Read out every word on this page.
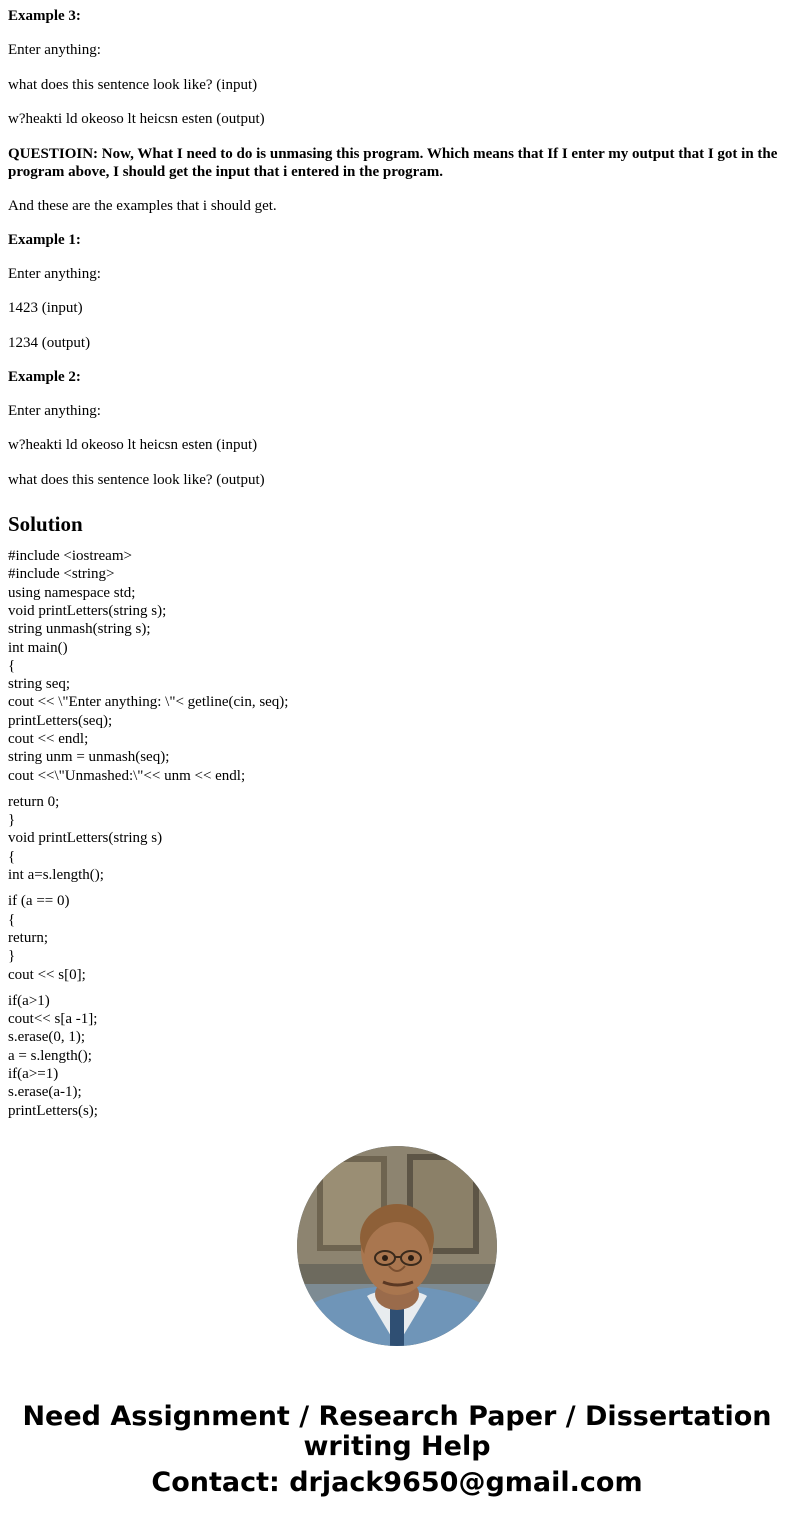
Example 3:
Enter anything:
what does this sentence look like? (input)
w?heakti ld okeoso lt heicsn esten (output)
QUESTIOIN: Now, What I need to do is unmasing this program. Which means that If I enter my output that I got in the program above, I should get the input that i entered in the program.
And these are the examples that i should get.
Example 1:
Enter anything:
1423 (input)
1234 (output)
Example 2:
Enter anything:
w?heakti ld okeoso lt heicsn esten (input)
what does this sentence look like? (output)
Solution
#include <iostream>
#include <string>
using namespace std;
void printLetters(string s);
string unmash(string s);
int main()
{
string seq;
cout << \"Enter anything: \"< getline(cin, seq);
printLetters(seq);
cout << endl;
string unm = unmash(seq);
cout <<\"Unmashed:\"<< unm << endl;
return 0;
}
void printLetters(string s)
{
int a=s.length();
if (a == 0)
{
return;
}
cout << s[0];
if(a>1)
cout<< s[a -1];
s.erase(0, 1);
a = s.length();
if(a>=1)
s.erase(a-1);
printLetters(s);
Need Assignment / Research Paper / Dissertation writing Help
Contact: drjack9650@gmail.com
